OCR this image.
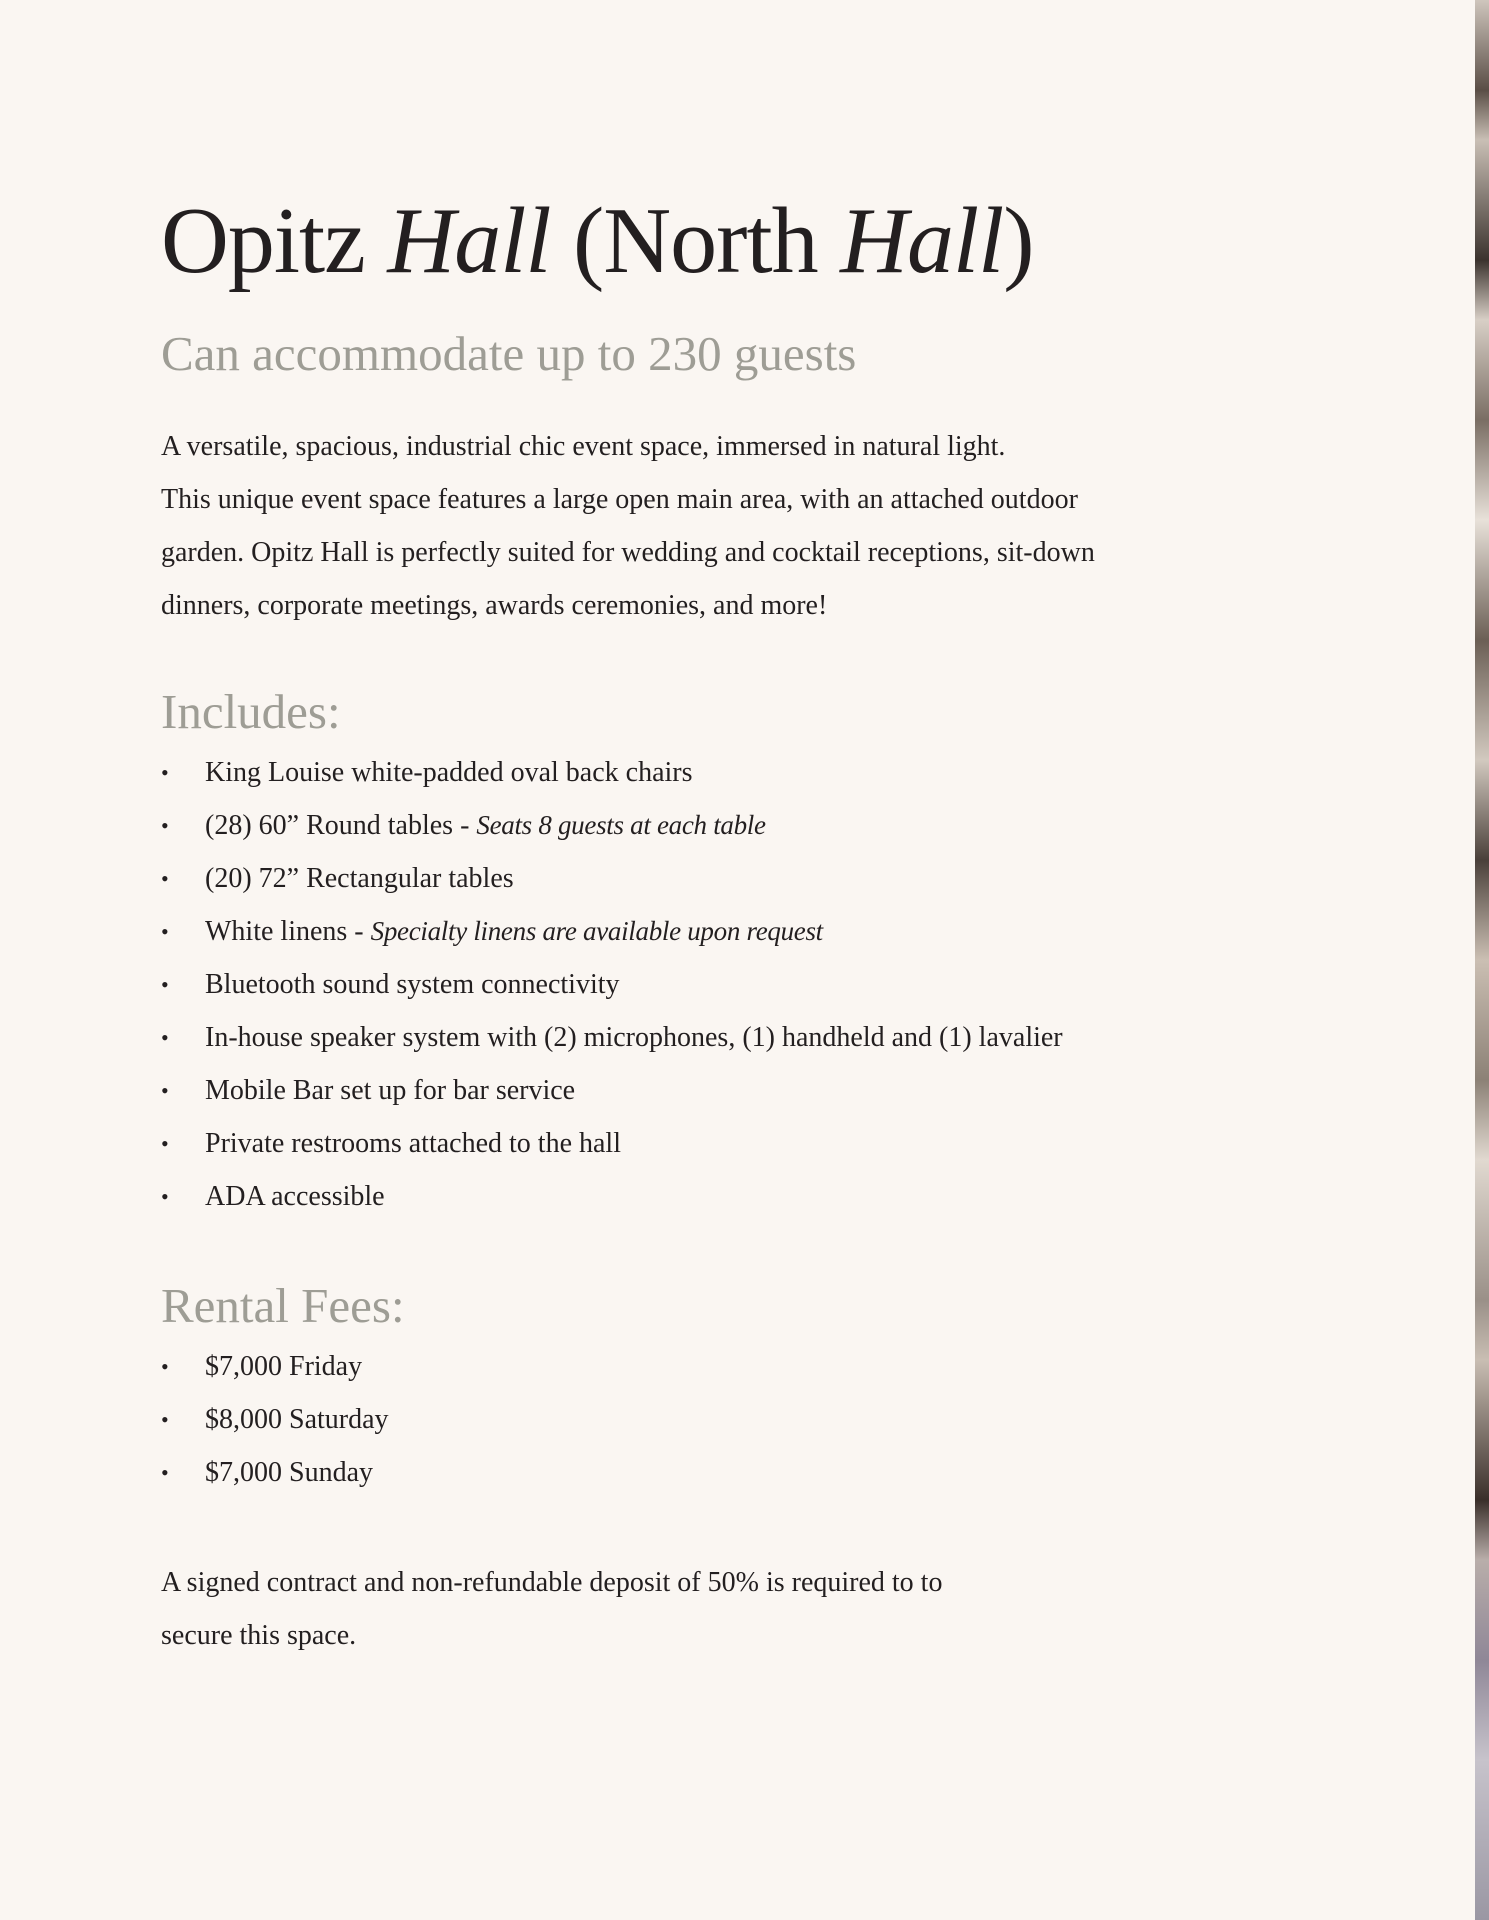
Opitz Hall (North Hall)
Can accommodate up to 230 guests

A versatile, spacious, industrial chic event space, immersed in natural light.
This unique event space features a large open main area, with an attached outdoor
garden. Opitz Hall is perfectly suited for wedding and cocktail receptions, sit-down
dinners, corporate meetings, awards ceremonies, and more!

Includes:
• King Louise white-padded oval back chairs
• (28) 60” Round tables - Seats 8 guests at each table
• (20) 72” Rectangular tables
• White linens - Specialty linens are available upon request
• Bluetooth sound system connectivity
• In-house speaker system with (2) microphones, (1) handheld and (1) lavalier
• Mobile Bar set up for bar service
• Private restrooms attached to the hall
• ADA accessible
Rental Fees:
• $7,000 Friday
• $8,000 Saturday
• $7,000 Sunday

A signed contract and non-refundable deposit of 50% is required to to
secure this space.
